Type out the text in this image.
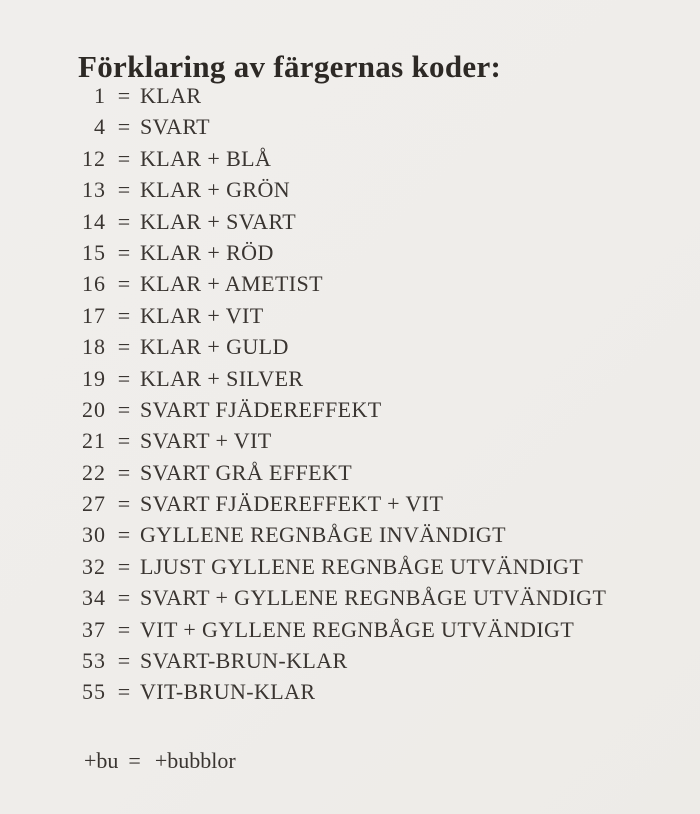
Förklaring av färgernas koder:
1 = KLAR
4 = SVART
12 = KLAR + BLÅ
13 = KLAR + GRÖN
14 = KLAR + SVART
15 = KLAR + RÖD
16 = KLAR + AMETIST
17 = KLAR + VIT
18 = KLAR + GULD
19 = KLAR + SILVER
20 = SVART FJÄDEREFFEKT
21 = SVART + VIT
22 = SVART GRÅ EFFEKT
27 = SVART FJÄDEREFFEKT + VIT
30 = GYLLENE REGNBÅGE INVÄNDIGT
32 = LJUST GYLLENE REGNBÅGE UTVÄNDIGT
34 = SVART + GYLLENE REGNBÅGE UTVÄNDIGT
37 = VIT + GYLLENE REGNBÅGE UTVÄNDIGT
53 = SVART-BRUN-KLAR
55 = VIT-BRUN-KLAR
+bu = +bubblor
